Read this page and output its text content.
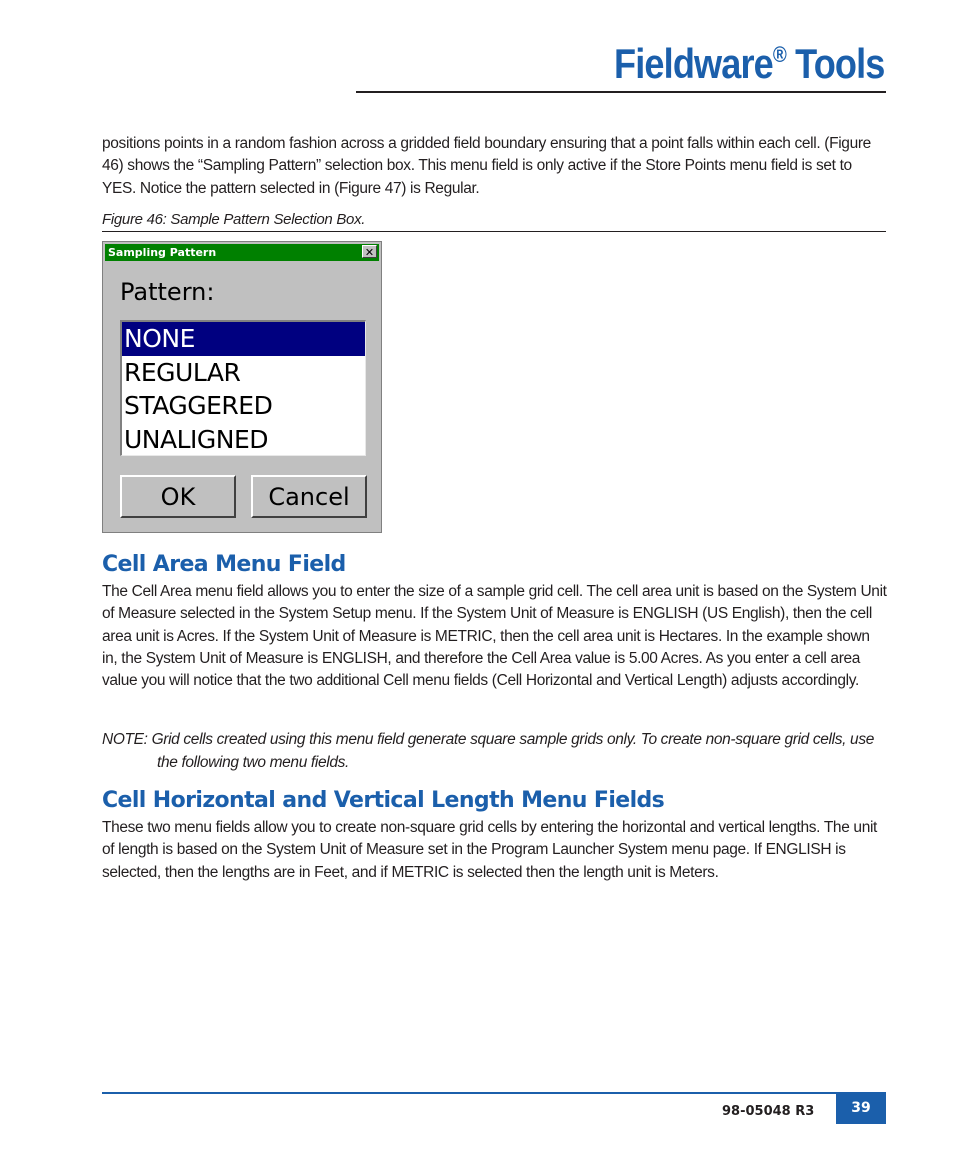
Fieldware® Tools

positions points in a random fashion across a gridded field boundary ensuring that a point falls within each cell. (Figure 46) shows the “Sampling Pattern” selection box. This menu field is only active if the Store Points menu field is set to YES. Notice the pattern selected in (Figure 47) is Regular.

Figure 46: Sample Pattern Selection Box.
Sampling Pattern	✕
Pattern:
NONE
REGULAR
STAGGERED
UNALIGNED
OK	Cancel
Cell Area Menu Field

The Cell Area menu field allows you to enter the size of a sample grid cell. The cell area unit is based on the System Unit of Measure selected in the System Setup menu. If the System Unit of Measure is ENGLISH (US English), then the cell area unit is Acres. If the System Unit of Measure is METRIC, then the cell area unit is Hectares. In the example shown in, the System Unit of Measure is ENGLISH, and therefore the Cell Area value is 5.00 Acres. As you enter a cell area value you will notice that the two additional Cell menu fields (Cell Horizontal and Vertical Length) adjusts accordingly.

NOTE: Grid cells created using this menu field generate square sample grids only. To create non-square grid cells, use the following two menu fields.

Cell Horizontal and Vertical Length Menu Fields

These two menu fields allow you to create non-square grid cells by entering the horizontal and vertical lengths. The unit of length is based on the System Unit of Measure set in the Program Launcher System menu page. If ENGLISH is selected, then the lengths are in Feet, and if METRIC is selected then the length unit is Meters.

98-05048 R3	39
